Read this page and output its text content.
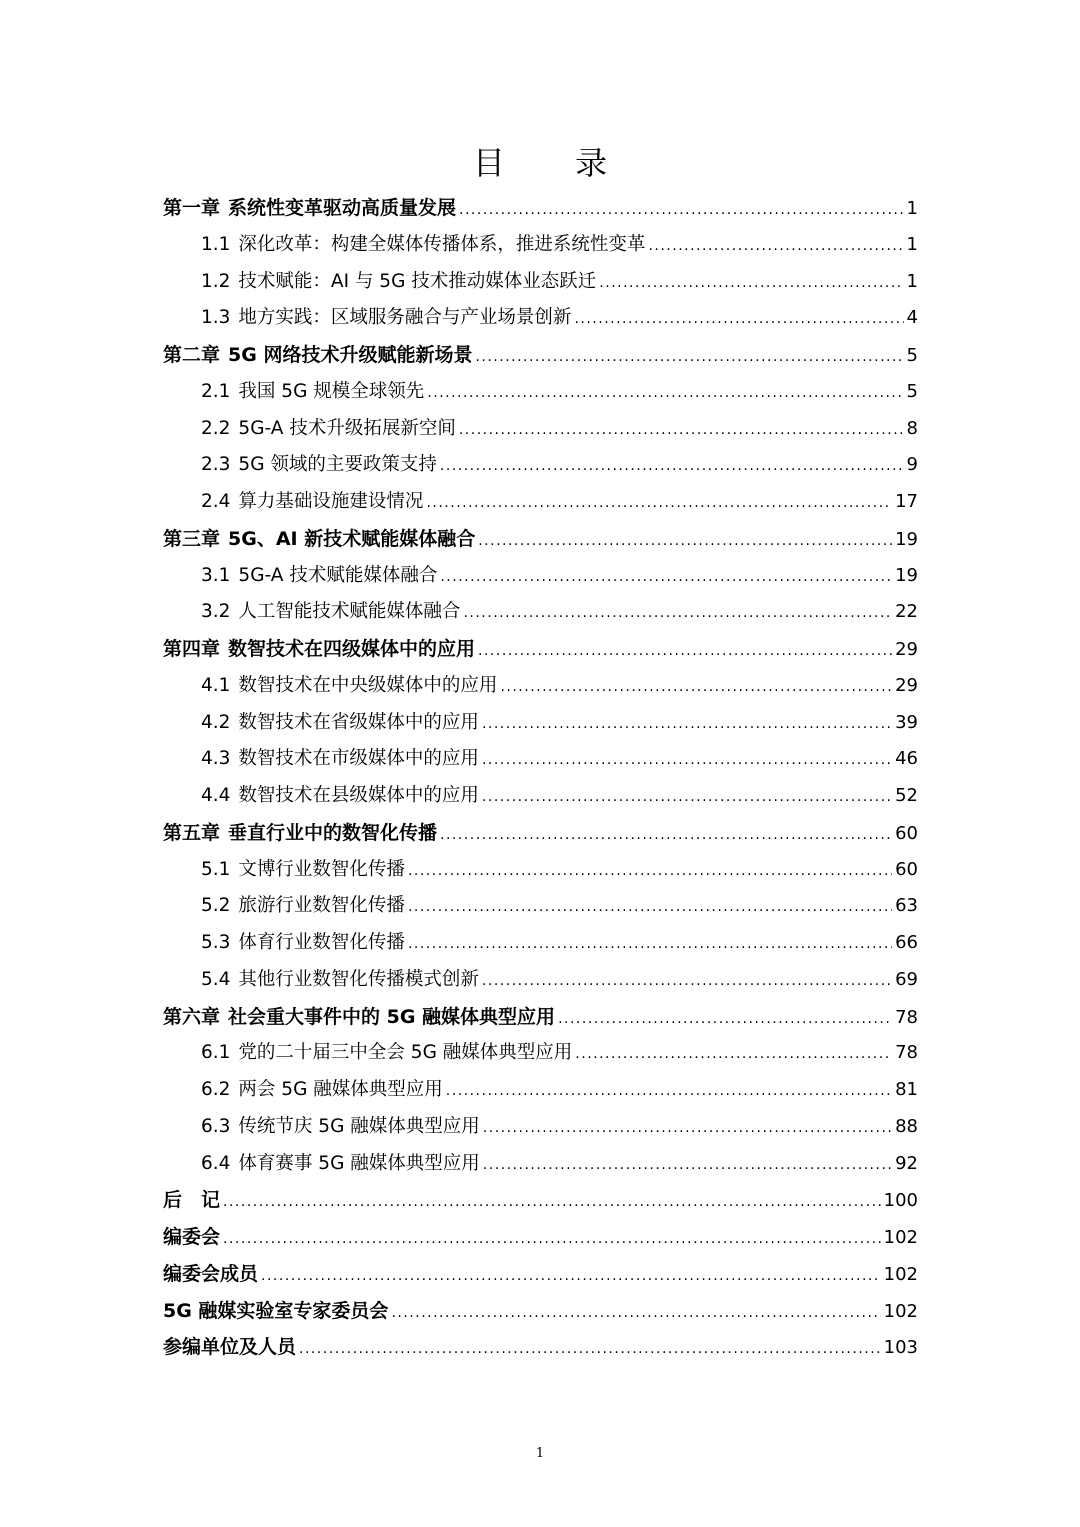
目 录
第一章 系统性变革驱动高质量发展 .....	1
1.1 深化改革：构建全媒体传播体系，推进系统性变革 .....	1
1.2 技术赋能：AI 与 5G 技术推动媒体业态跃迁 .....	1
1.3 地方实践：区域服务融合与产业场景创新 .....	4
第二章 5G 网络技术升级赋能新场景 .....	5
2.1 我国 5G 规模全球领先 .....	5
2.2 5G-A 技术升级拓展新空间 .....	8
2.3 5G 领域的主要政策支持 .....	9
2.4 算力基础设施建设情况 .....	17
第三章 5G、AI 新技术赋能媒体融合 .....	19
3.1 5G-A 技术赋能媒体融合 .....	19
3.2 人工智能技术赋能媒体融合 .....	22
第四章 数智技术在四级媒体中的应用 .....	29
4.1 数智技术在中央级媒体中的应用 .....	29
4.2 数智技术在省级媒体中的应用 .....	39
4.3 数智技术在市级媒体中的应用 .....	46
4.4 数智技术在县级媒体中的应用 .....	52
第五章 垂直行业中的数智化传播 .....	60
5.1 文博行业数智化传播 .....	60
5.2 旅游行业数智化传播 .....	63
5.3 体育行业数智化传播 .....	66
5.4 其他行业数智化传播模式创新 .....	69
第六章 社会重大事件中的 5G 融媒体典型应用 .....	78
6.1 党的二十届三中全会 5G 融媒体典型应用 .....	78
6.2 两会 5G 融媒体典型应用 .....	81
6.3 传统节庆 5G 融媒体典型应用 .....	88
6.4 体育赛事 5G 融媒体典型应用 .....	92
后　记 .....	100
编委会 .....	102
编委会成员 .....	102
5G 融媒实验室专家委员会 .....	102
参编单位及人员 .....	103
1
